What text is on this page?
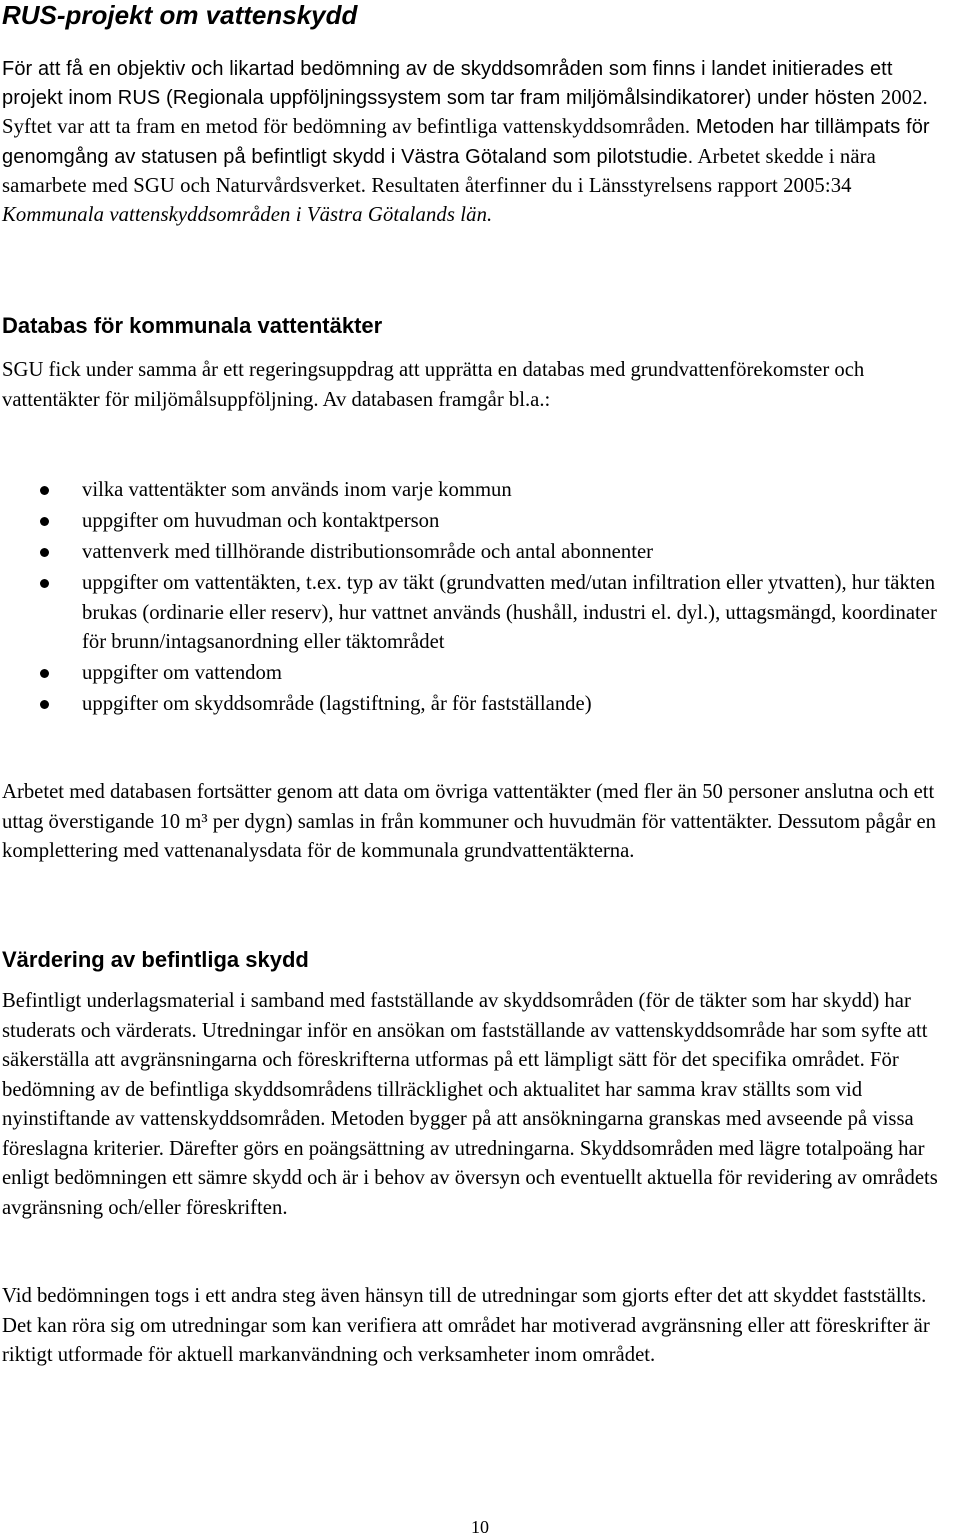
RUS-projekt om vattenskydd

För att få en objektiv och likartad bedömning av de skyddsområden som finns i landet initierades ett projekt inom RUS (Regionala uppföljningssystem som tar fram miljömålsindikatorer) under hösten 2002. Syftet var att ta fram en metod för bedömning av befintliga vattenskyddsområden. Metoden har tillämpats för genomgång av statusen på befintligt skydd i Västra Götaland som pilotstudie. Arbetet skedde i nära samarbete med SGU och Naturvårdsverket. Resultaten återfinner du i Länsstyrelsens rapport 2005:34 Kommunala vattenskyddsområden i Västra Götalands län.

Databas för kommunala vattentäkter

SGU fick under samma år ett regeringsuppdrag att upprätta en databas med grundvattenförekomster och vattentäkter för miljömålsuppföljning. Av databasen framgår bl.a.:

vilka vattentäkter som används inom varje kommun
uppgifter om huvudman och kontaktperson
vattenverk med tillhörande distributionsområde och antal abonnenter
uppgifter om vattentäkten, t.ex. typ av täkt (grundvatten med/utan infiltration eller ytvatten), hur täkten brukas (ordinarie eller reserv), hur vattnet används (hushåll, industri el. dyl.), uttagsmängd, koordinater för brunn/intagsanordning eller täktområdet
uppgifter om vattendom
uppgifter om skyddsområde (lagstiftning, år för fastställande)

Arbetet med databasen fortsätter genom att data om övriga vattentäkter (med fler än 50 personer anslutna och ett uttag överstigande 10 m³ per dygn) samlas in från kommuner och huvudmän för vattentäkter. Dessutom pågår en komplettering med vattenanalysdata för de kommunala grundvattentäkterna.

Värdering av befintliga skydd

Befintligt underlagsmaterial i samband med fastställande av skyddsområden (för de täkter som har skydd) har studerats och värderats. Utredningar inför en ansökan om fastställande av vattenskyddsområde har som syfte att säkerställa att avgränsningarna och föreskrifterna utformas på ett lämpligt sätt för det specifika området. För bedömning av de befintliga skyddsområdens tillräcklighet och aktualitet har samma krav ställts som vid nyinstiftande av vattenskyddsområden. Metoden bygger på att ansökningarna granskas med avseende på vissa föreslagna kriterier. Därefter görs en poängsättning av utredningarna. Skyddsområden med lägre totalpoäng har enligt bedömningen ett sämre skydd och är i behov av översyn och eventuellt aktuella för revidering av områdets avgränsning och/eller föreskriften.

Vid bedömningen togs i ett andra steg även hänsyn till de utredningar som gjorts efter det att skyddet fastställts. Det kan röra sig om utredningar som kan verifiera att området har motiverad avgränsning eller att föreskrifter är riktigt utformade för aktuell markanvändning och verksamheter inom området.

10
